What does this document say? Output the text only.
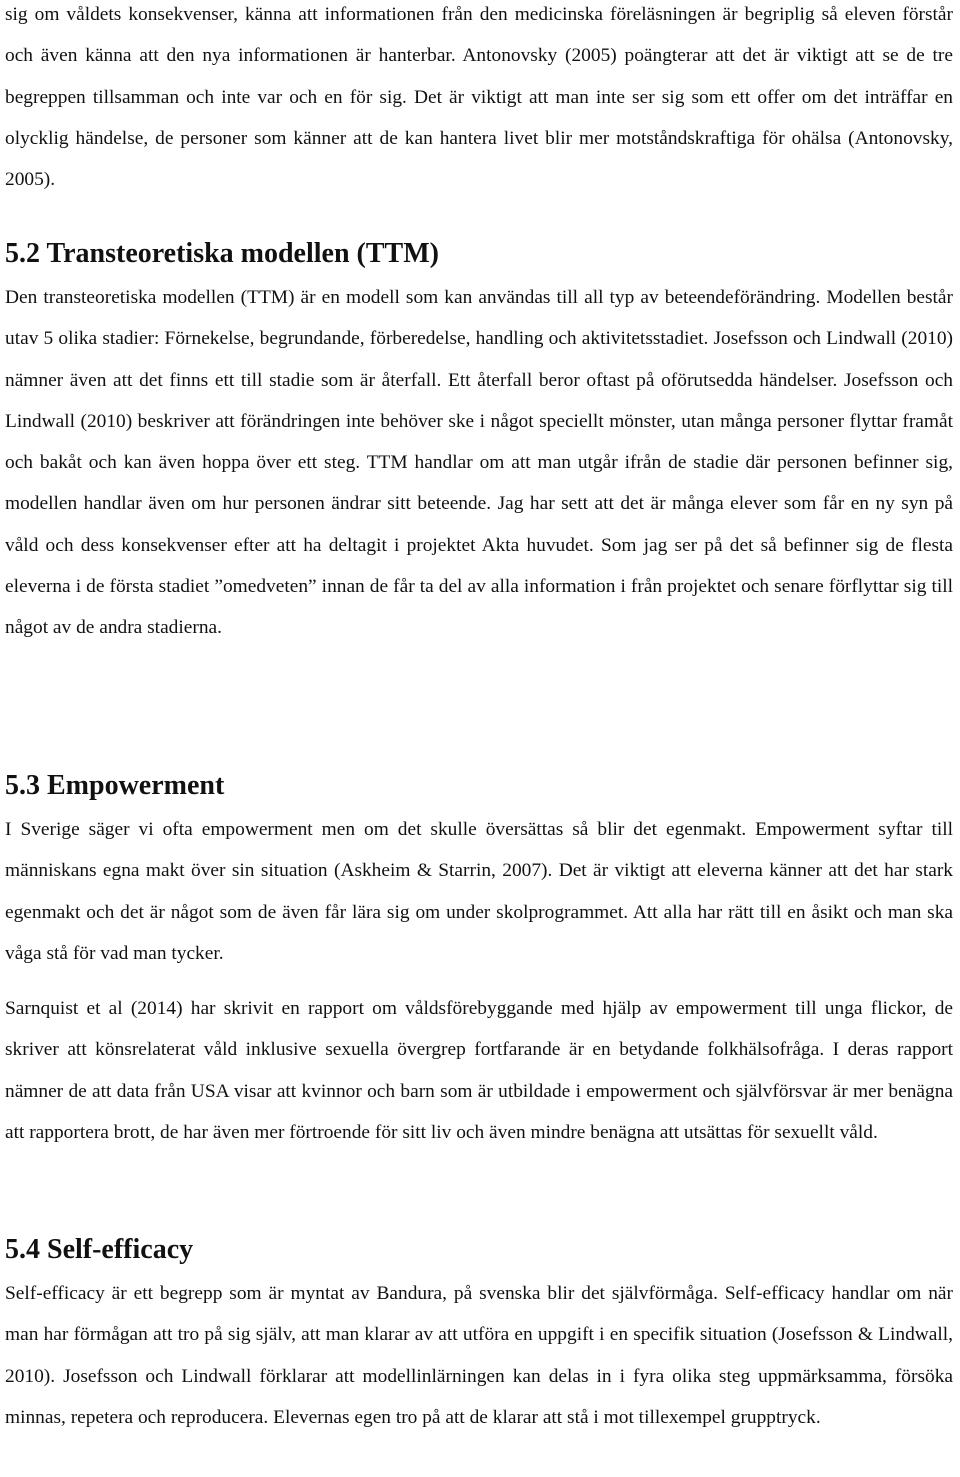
sig om våldets konsekvenser, känna att informationen från den medicinska föreläsningen är begriplig så eleven förstår och även känna att den nya informationen är hanterbar. Antonovsky (2005) poängterar att det är viktigt att se de tre begreppen tillsamman och inte var och en för sig. Det är viktigt att man inte ser sig som ett offer om det inträffar en olycklig händelse, de personer som känner att de kan hantera livet blir mer motståndskraftiga för ohälsa (Antonovsky, 2005).

5.2 Transteoretiska modellen (TTM)

Den transteoretiska modellen (TTM) är en modell som kan användas till all typ av beteendeförändring. Modellen består utav 5 olika stadier: Förnekelse, begrundande, förberedelse, handling och aktivitetsstadiet. Josefsson och Lindwall (2010) nämner även att det finns ett till stadie som är återfall. Ett återfall beror oftast på oförutsedda händelser. Josefsson och Lindwall (2010) beskriver att förändringen inte behöver ske i något speciellt mönster, utan många personer flyttar framåt och bakåt och kan även hoppa över ett steg. TTM handlar om att man utgår ifrån de stadie där personen befinner sig, modellen handlar även om hur personen ändrar sitt beteende. Jag har sett att det är många elever som får en ny syn på våld och dess konsekvenser efter att ha deltagit i projektet Akta huvudet. Som jag ser på det så befinner sig de flesta eleverna i de första stadiet ”omedveten” innan de får ta del av alla information i från projektet och senare förflyttar sig till något av de andra stadierna.

5.3 Empowerment

I Sverige säger vi ofta empowerment men om det skulle översättas så blir det egenmakt. Empowerment syftar till människans egna makt över sin situation (Askheim & Starrin, 2007). Det är viktigt att eleverna känner att det har stark egenmakt och det är något som de även får lära sig om under skolprogrammet. Att alla har rätt till en åsikt och man ska våga stå för vad man tycker.

Sarnquist et al (2014) har skrivit en rapport om våldsförebyggande med hjälp av empowerment till unga flickor, de skriver att könsrelaterat våld inklusive sexuella övergrep fortfarande är en betydande folkhälsofråga. I deras rapport nämner de att data från USA visar att kvinnor och barn som är utbildade i empowerment och självförsvar är mer benägna att rapportera brott, de har även mer förtroende för sitt liv och även mindre benägna att utsättas för sexuellt våld.

5.4 Self-efficacy

Self-efficacy är ett begrepp som är myntat av Bandura, på svenska blir det självförmåga. Self-efficacy handlar om när man har förmågan att tro på sig själv, att man klarar av att utföra en uppgift i en specifik situation (Josefsson & Lindwall, 2010). Josefsson och Lindwall förklarar att modellinlärningen kan delas in i fyra olika steg uppmärksamma, försöka minnas, repetera och reproducera. Elevernas egen tro på att de klarar att stå i mot tillexempel grupptryck.
